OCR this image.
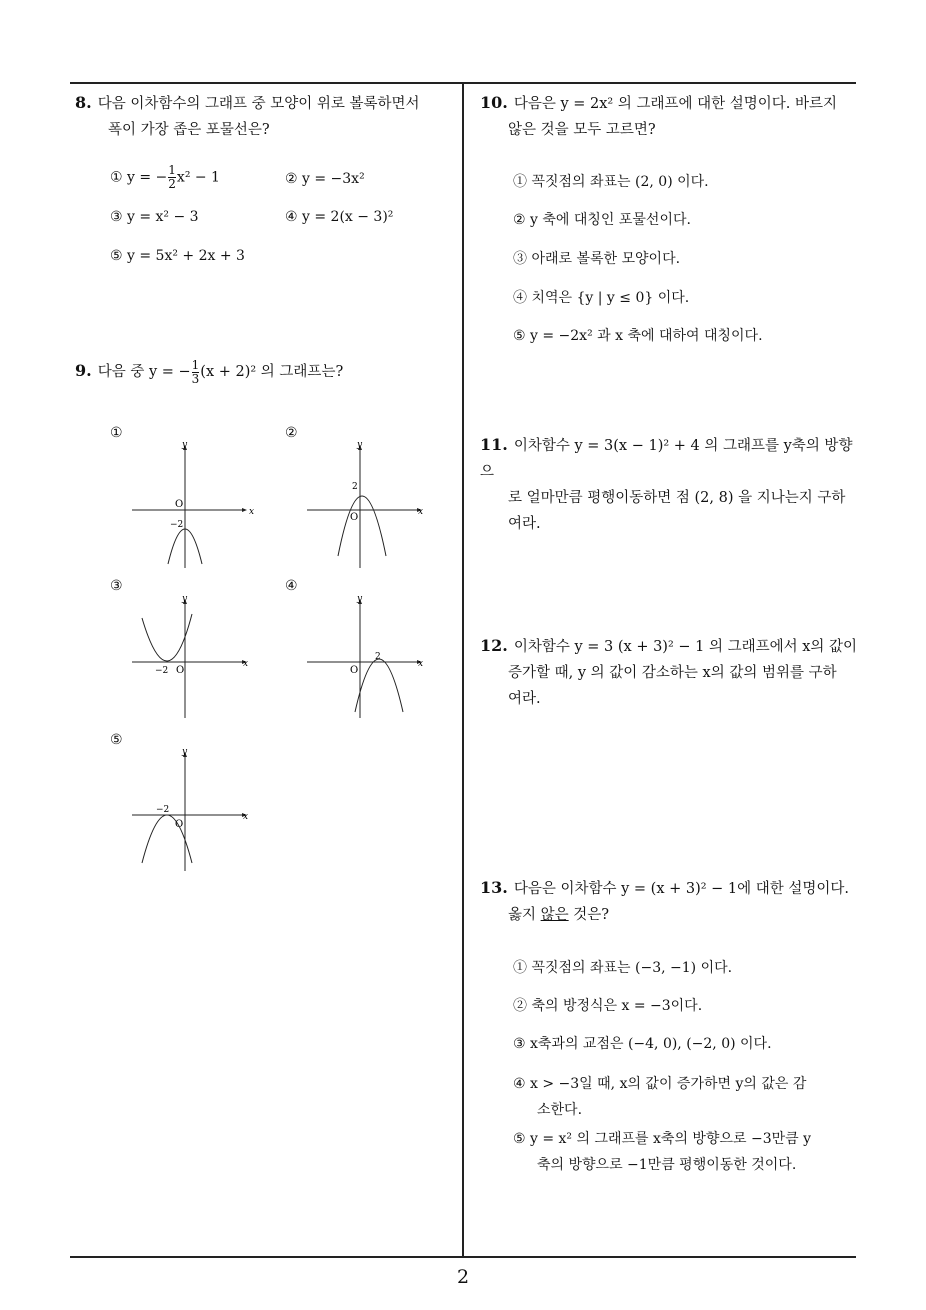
8. 다음 이차함수의 그래프 중 모양이 위로 볼록하면서
폭이 가장 좁은 포물선은?
① y = − $\frac{1}{2} x^2 - 1$	② y = −3x²
③ y = x² − 3	④ y = 2(x − 3)²
⑤ y = 5x² + 2x + 3
9. 다음 중 y = − $\frac{1}{3} (x + 2)^2$ 의 그래프는?
①	②
③	④
⑤
x
y
O
−2
x
y
O
2
x
y
O
−2
x
y
O
2
x
y
O
−2
10. 다음은 y = 2x² 의 그래프에 대한 설명이다. 바르지
않은 것을 모두 고르면?
① 꼭짓점의 좌표는 (2, 0) 이다.
② y 축에 대칭인 포물선이다.
③ 아래로 볼록한 모양이다.
④ 치역은 {y | y ≤ 0} 이다.
⑤ y = −2x² 과 x 축에 대하여 대칭이다.
11. 이차함수 y = 3(x − 1)² + 4 의 그래프를 y축의 방향으
로 얼마만큼 평행이동하면 점 (2, 8) 을 지나는지 구하
여라.
12. 이차함수 y = 3 (x + 3)² − 1 의 그래프에서 x의 값이
증가할 때, y 의 값이 감소하는 x의 값의 범위를 구하
여라.
13. 다음은 이차함수 y = (x + 3)² − 1에 대한 설명이다.
옳지 않은 것은?
① 꼭짓점의 좌표는 (−3, −1) 이다.
② 축의 방정식은 x = −3이다.
③ x축과의 교점은 (−4, 0), (−2, 0) 이다.
④ x > −3일 때, x의 값이 증가하면 y의 값은 감
소한다.
⑤ y = x² 의 그래프를 x축의 방향으로 −3만큼 y
축의 방향으로 −1만큼 평행이동한 것이다.
2
